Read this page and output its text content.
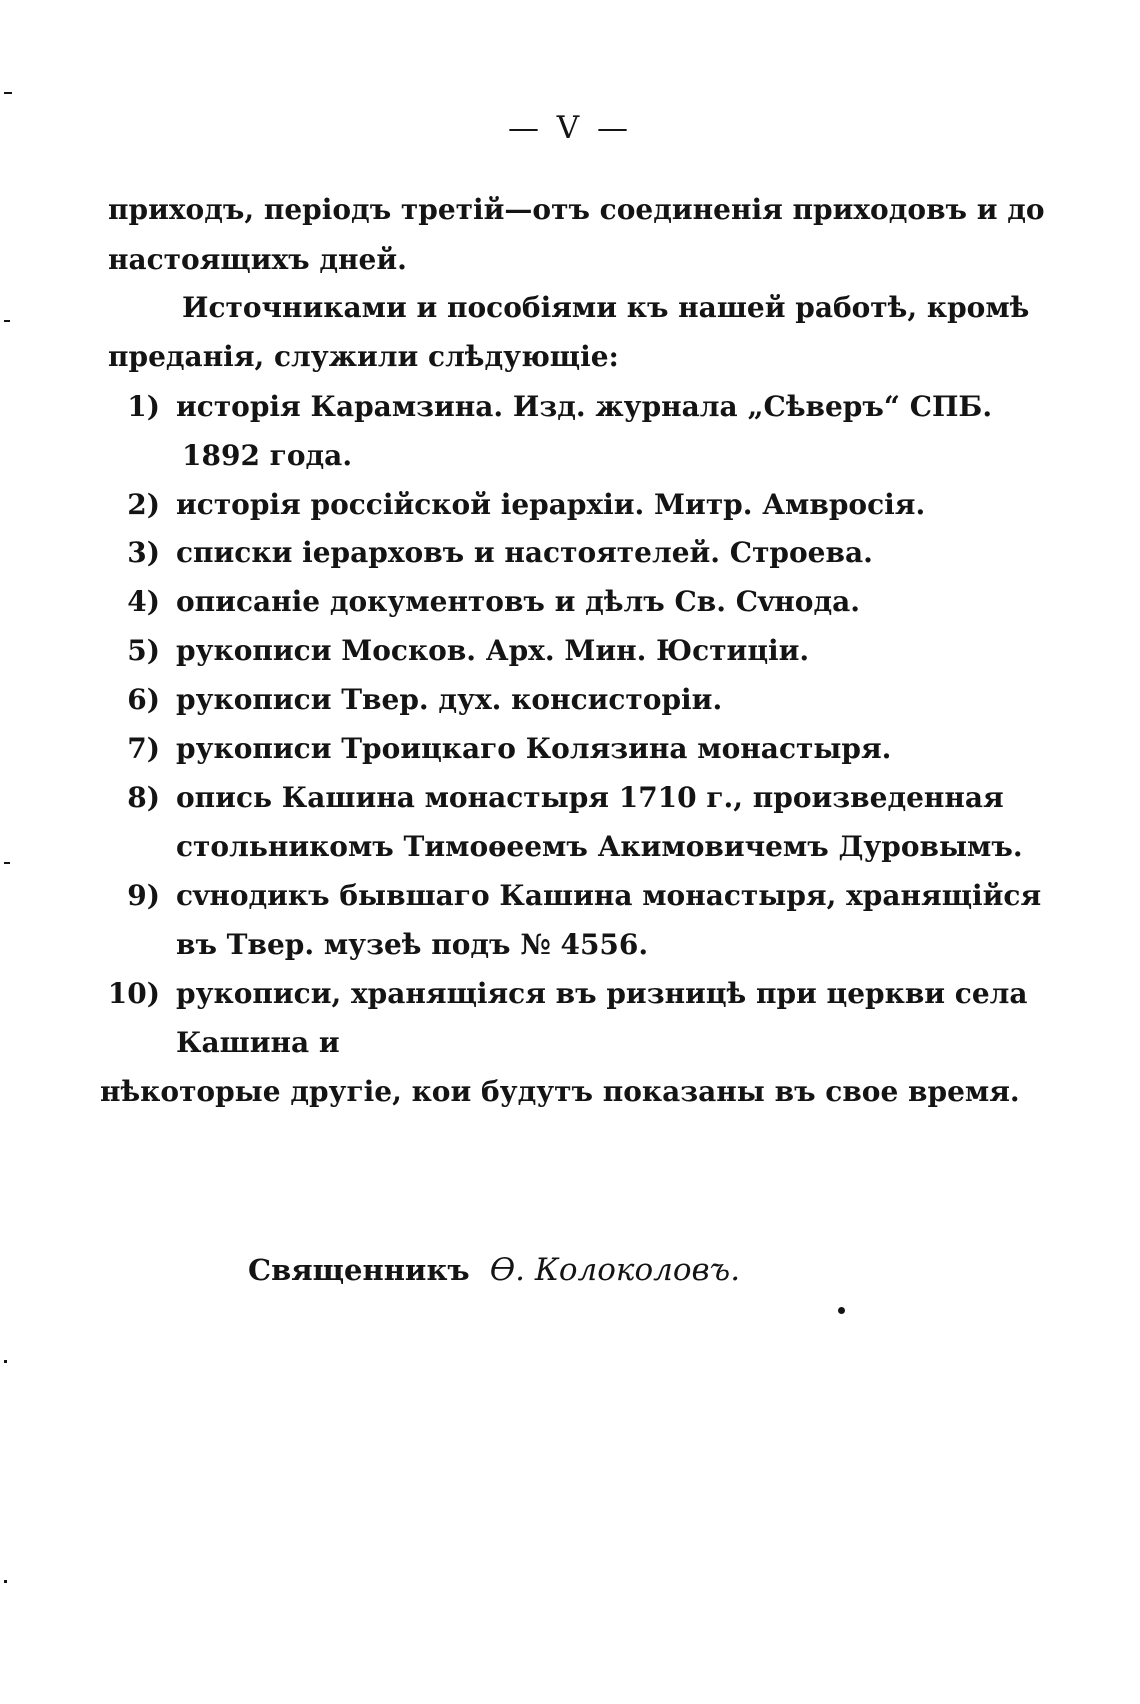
— V —
приходъ, періодъ третій—отъ соединенія приходовъ и до
настоящихъ дней.
Источниками и пособіями къ нашей работѣ, кромѣ
преданія, служили слѣдующіе:
1) исторія Карамзина. Изд. журнала „Сѣверъ“ СПБ.
1892 года.
2) исторія россійской іерархіи. Митр. Амвросія.
3) списки іерарховъ и настоятелей. Строева.
4) описаніе документовъ и дѣлъ Св. Сvнода.
5) рукописи Москов. Арх. Мин. Юстиціи.
6) рукописи Твер. дух. консисторіи.
7) рукописи Троицкаго Колязина монастыря.
8) опись Кашина монастыря 1710 г., произведенная
стольникомъ Тимоѳеемъ Акимовичемъ Дуровымъ.
9) сvнодикъ бывшаго Кашина монастыря, хранящійся
въ Твер. музеѣ подъ № 4556.
10) рукописи, хранящіяся въ ризницѣ при церкви села
Кашина и
нѣкоторые другіе, кои будутъ показаны въ свое время.
Священникъ Ѳ. Колоколовъ.
